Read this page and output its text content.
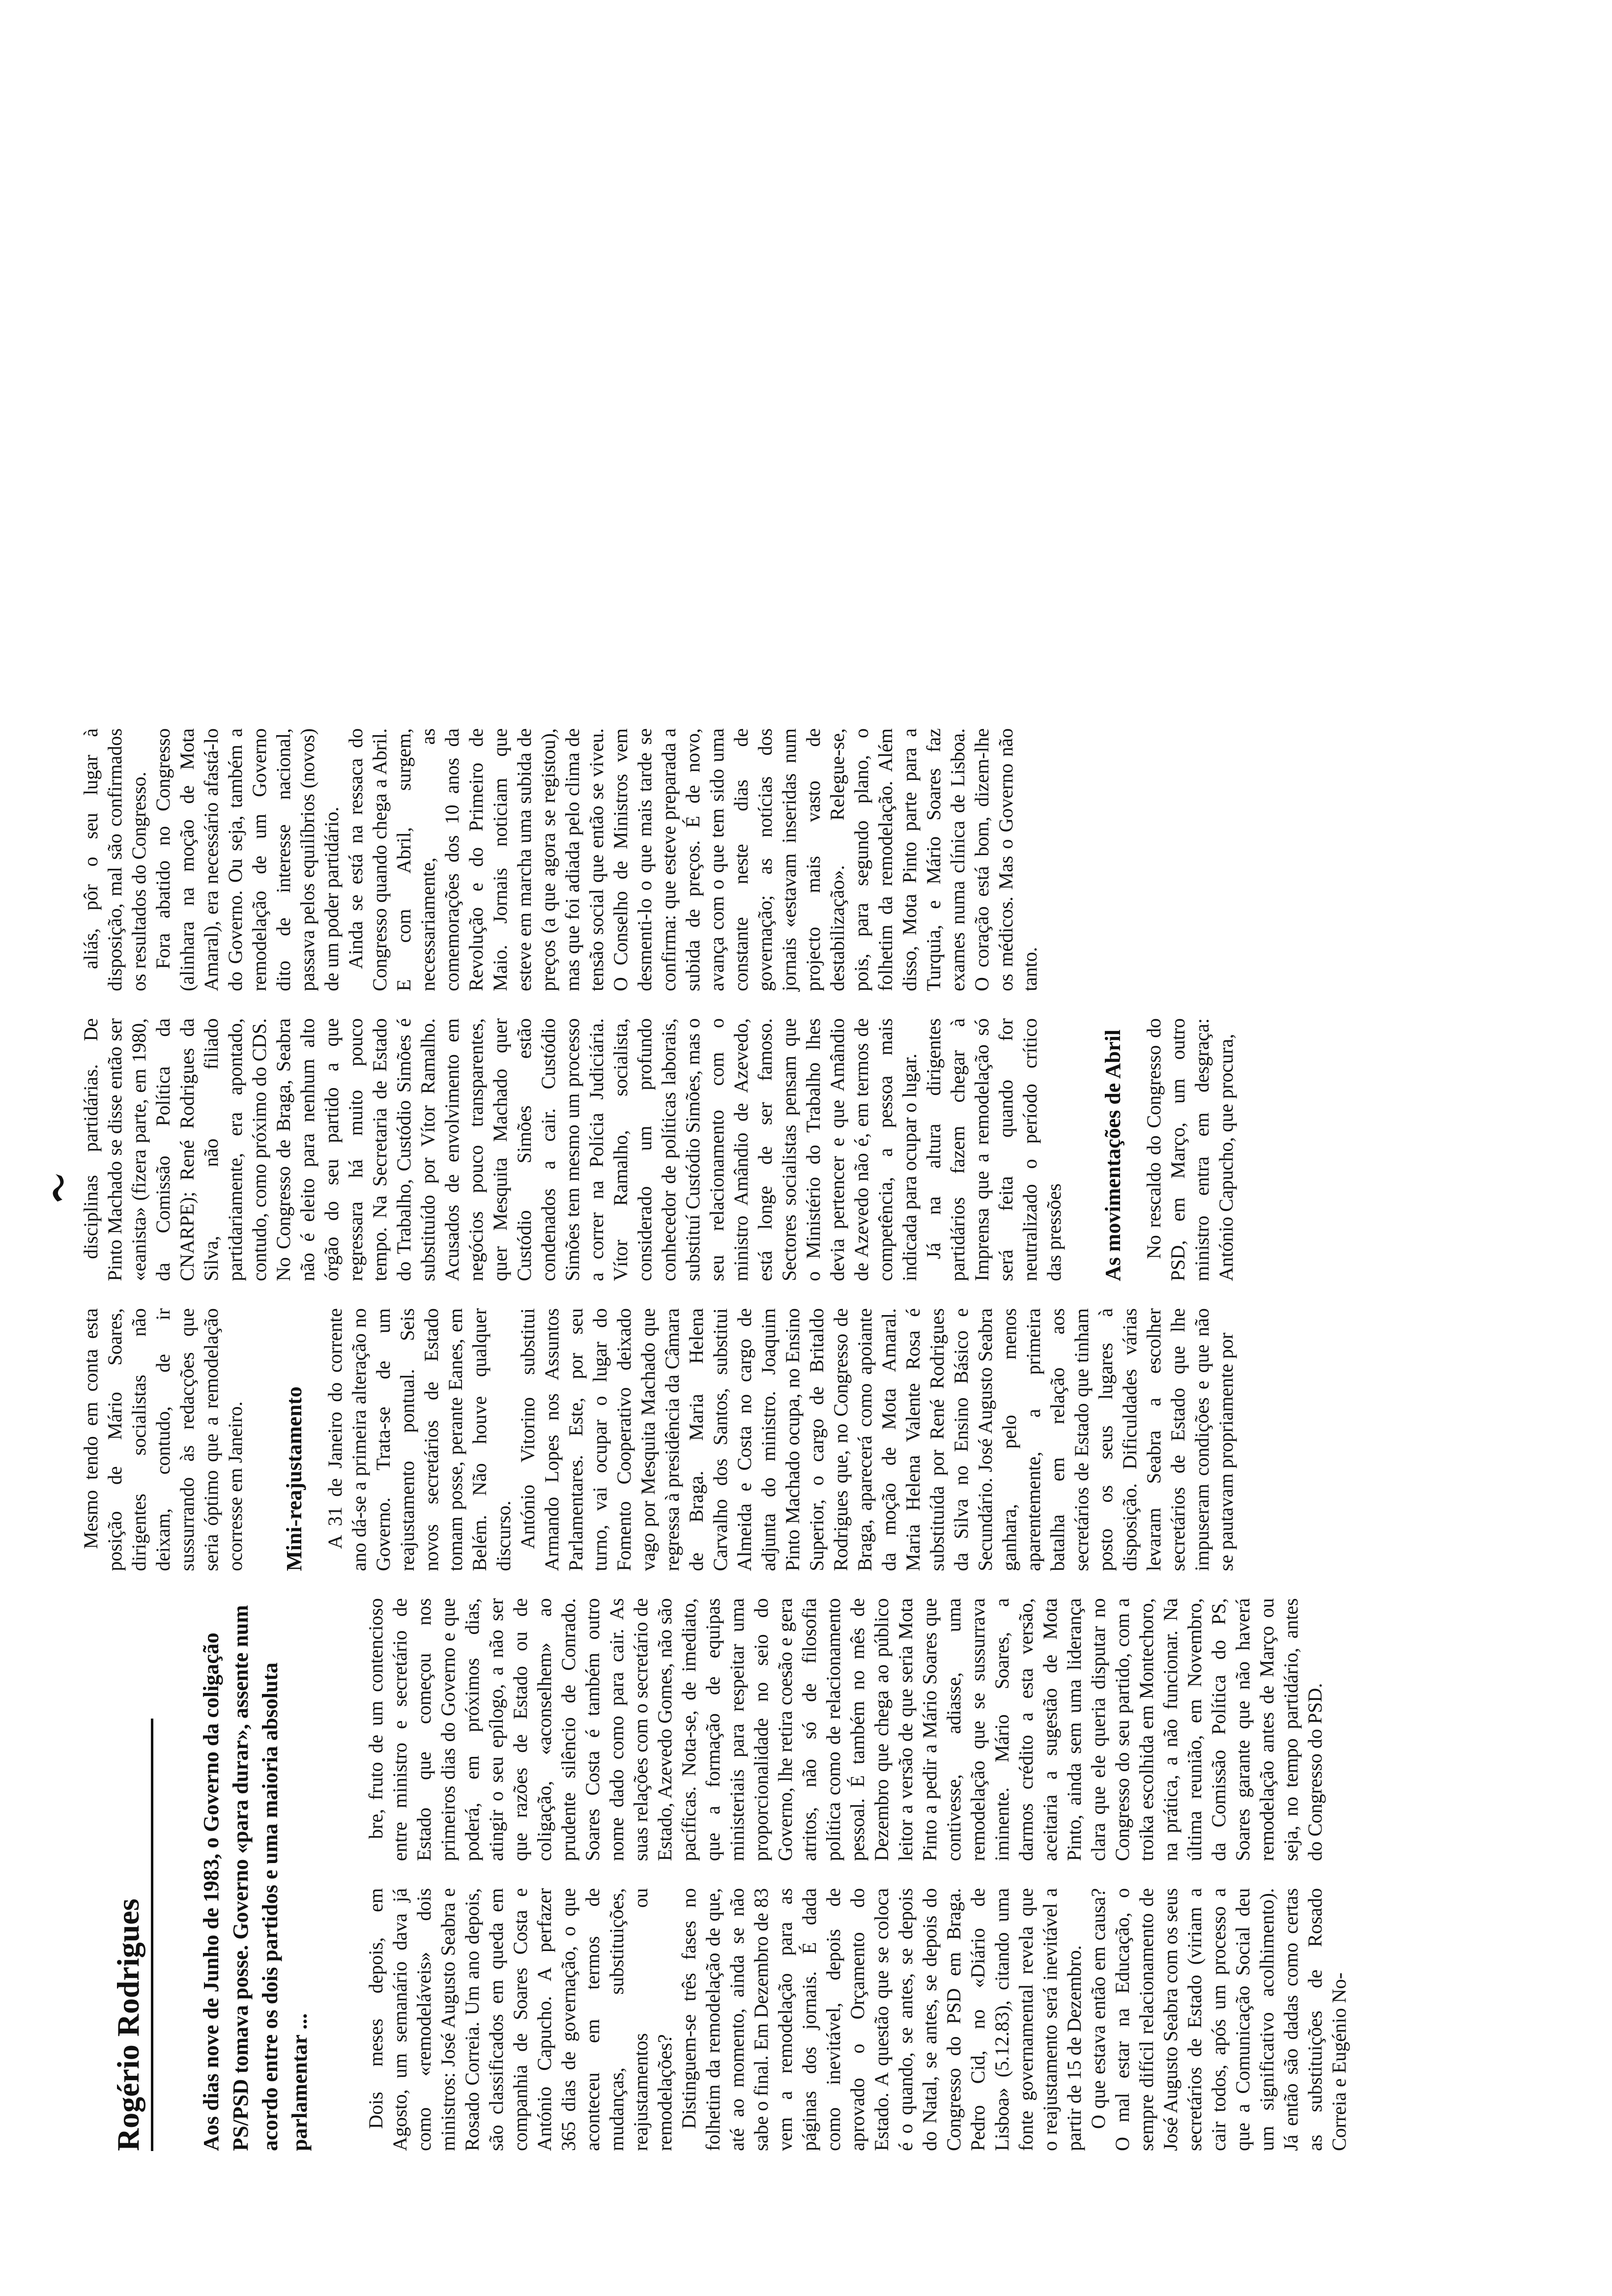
Rogério Rodrigues	Aos dias nove de Junho de 1983, o Governo da coligação PS/PSD tomava posse. Governo «para durar», assente num acordo entre os dois partidos e uma maioria absoluta parlamentar ...	Dois meses depois, em Agosto, um semanário dava já como «remodeláveis» dois ministros: José Augusto Seabra e Rosado Correia. Um ano depois, são classificados em queda em companhia de Soares Costa e António Capucho. A perfazer 365 dias de governação, o que aconteceu em termos de mudanças, substituições, reajustamentos ou remodelações? Distinguem-se três fases no folhetim da remodelação de que, até ao momento, ainda se não sabe o final. Em Dezembro de 83 vem a remodelação para as páginas dos jornais. É dada como inevitável, depois de aprovado o Orçamento do Estado. A questão que se coloca é o quando, se antes, se depois do Natal, se antes, se depois do Congresso do PSD em Braga. Pedro Cid, no «Diário de Lisboa» (5.12.83), citando uma fonte governamental revela que o reajustamento será inevitável a partir de 15 de Dezembro. O que estava então em causa? O mal estar na Educação, o sempre difícil relacionamento de José Augusto Seabra com os seus secretários de Estado (viriam a cair todos, após um processo a que a Comunicação Social deu um significativo acolhimento). Já então são dadas como certas as substituições de Rosado Correia e Eugénio No-

bre, fruto de um contencioso entre ministro e secretário de Estado que começou nos primeiros dias do Governo e que poderá, em próximos dias, atingir o seu epílogo, a não ser que razões de Estado ou de coligação, «aconselhem» ao prudente silêncio de Conrado. Soares Costa é também outro nome dado como para cair. As suas relações com o secretário de Estado, Azevedo Gomes, não são pacíficas. Nota-se, de imediato, que a formação de equipas ministeriais para respeitar uma proporcionalidade no seio do Governo, lhe retira coesão e gera atritos, não só de filosofia política como de relacionamento pessoal. É também no mês de Dezembro que chega ao público leitor a versão de que seria Mota Pinto a pedir a Mário Soares que contivesse, adiasse, uma remodelação que se sussurrava iminente. Mário Soares, a darmos crédito a esta versão, aceitaria a sugestão de Mota Pinto, ainda sem uma liderança clara que ele queria disputar no Congresso do seu partido, com a troika escolhida em Montechoro, na prática, a não funcionar. Na última reunião, em Novembro, da Comissão Política do PS, Soares garante que não haverá remodelação antes de Março ou seja, no tempo partidário, antes do Congresso do PSD.

Mesmo tendo em conta esta posição de Mário Soares, dirigentes socialistas não deixam, contudo, de ir sussurrando às redacções que seria óptimo que a remodelação ocorresse em Janeiro. Mini-reajustamento A 31 de Janeiro do corrente ano dá-se a primeira alteração no Governo. Trata-se de um reajustamento pontual. Seis novos secretários de Estado tomam posse, perante Eanes, em Belém. Não houve qualquer discurso. António Vitorino substitui Armando Lopes nos Assuntos Parlamentares. Este, por seu turno, vai ocupar o lugar do Fomento Cooperativo deixado vago por Mesquita Machado que regressa à presidência da Câmara de Braga. Maria Helena Carvalho dos Santos, substitui Almeida e Costa no cargo de adjunta do ministro. Joaquim Pinto Machado ocupa, no Ensino Superior, o cargo de Britaldo Rodrigues que, no Congresso de Braga, aparecerá como apoiante da moção de Mota Amaral. Maria Helena Valente Rosa é substituída por René Rodrigues da Silva no Ensino Básico e Secundário. José Augusto Seabra ganhara, pelo menos aparentemente, a primeira batalha em relação aos secretários de Estado que tinham posto os seus lugares à disposição. Dificuldades várias levaram Seabra a escolher secretários de Estado que lhe impuseram condições e que não se pautavam propriamente por

disciplinas partidárias. De Pinto Machado se disse então ser «eanista» (fizera parte, em 1980, da Comissão Política da CNARPE); René Rodrigues da Silva, não filiado partidariamente, era apontado, contudo, como próximo do CDS. No Congresso de Braga, Seabra não é eleito para nenhum alto órgão do seu partido a que regressara há muito pouco tempo. Na Secretaria de Estado do Trabalho, Custódio Simões é substituído por Vítor Ramalho. Acusados de envolvimento em negócios pouco transparentes, quer Mesquita Machado quer Custódio Simões estão condenados a cair. Custódio Simões tem mesmo um processo a correr na Polícia Judiciária. Vítor Ramalho, socialista, considerado um profundo conhecedor de políticas laborais, substituí Custódio Simões, mas o seu relacionamento com o ministro Amândio de Azevedo, está longe de ser famoso. Sectores socialistas pensam que o Ministério do Trabalho lhes devia pertencer e que Amândio de Azevedo não é, em termos de competência, a pessoa mais indicada para ocupar o lugar. Já na altura dirigentes partidários fazem chegar à Imprensa que a remodelação só será feita quando for neutralizado o período crítico das pressões As movimentações de Abril No rescaldo do Congresso do PSD, em Março, um outro ministro entra em desgraça: António Capucho, que procura,

aliás, pôr o seu lugar à disposição, mal são confirmados os resultados do Congresso. Fora abatido no Congresso (alinhara na moção de Mota Amaral), era necessário afastá-lo do Governo. Ou seja, também a remodelação de um Governo dito de interesse nacional, passava pelos equilíbrios (novos) de um poder partidário. Ainda se está na ressaca do Congresso quando chega a Abril. E com Abril, surgem, necessariamente, as comemorações dos 10 anos da Revolução e do Primeiro de Maio. Jornais noticiam que esteve em marcha uma subida de preços (a que agora se registou), mas que foi adiada pelo clima de tensão social que então se viveu. O Conselho de Ministros vem desmenti-lo o que mais tarde se confirma: que esteve preparada a subida de preços. É de novo, avança com o que tem sido uma constante neste dias de governação; as notícias dos jornais «estavam inseridas num projecto mais vasto de destabilização». Relegue-se, pois, para segundo plano, o folhetim da remodelação. Além disso, Mota Pinto parte para a Turquia, e Mário Soares faz exames numa clínica de Lisboa. O coração está bom, dizem-lhe os médicos. Mas o Governo não tanto.
